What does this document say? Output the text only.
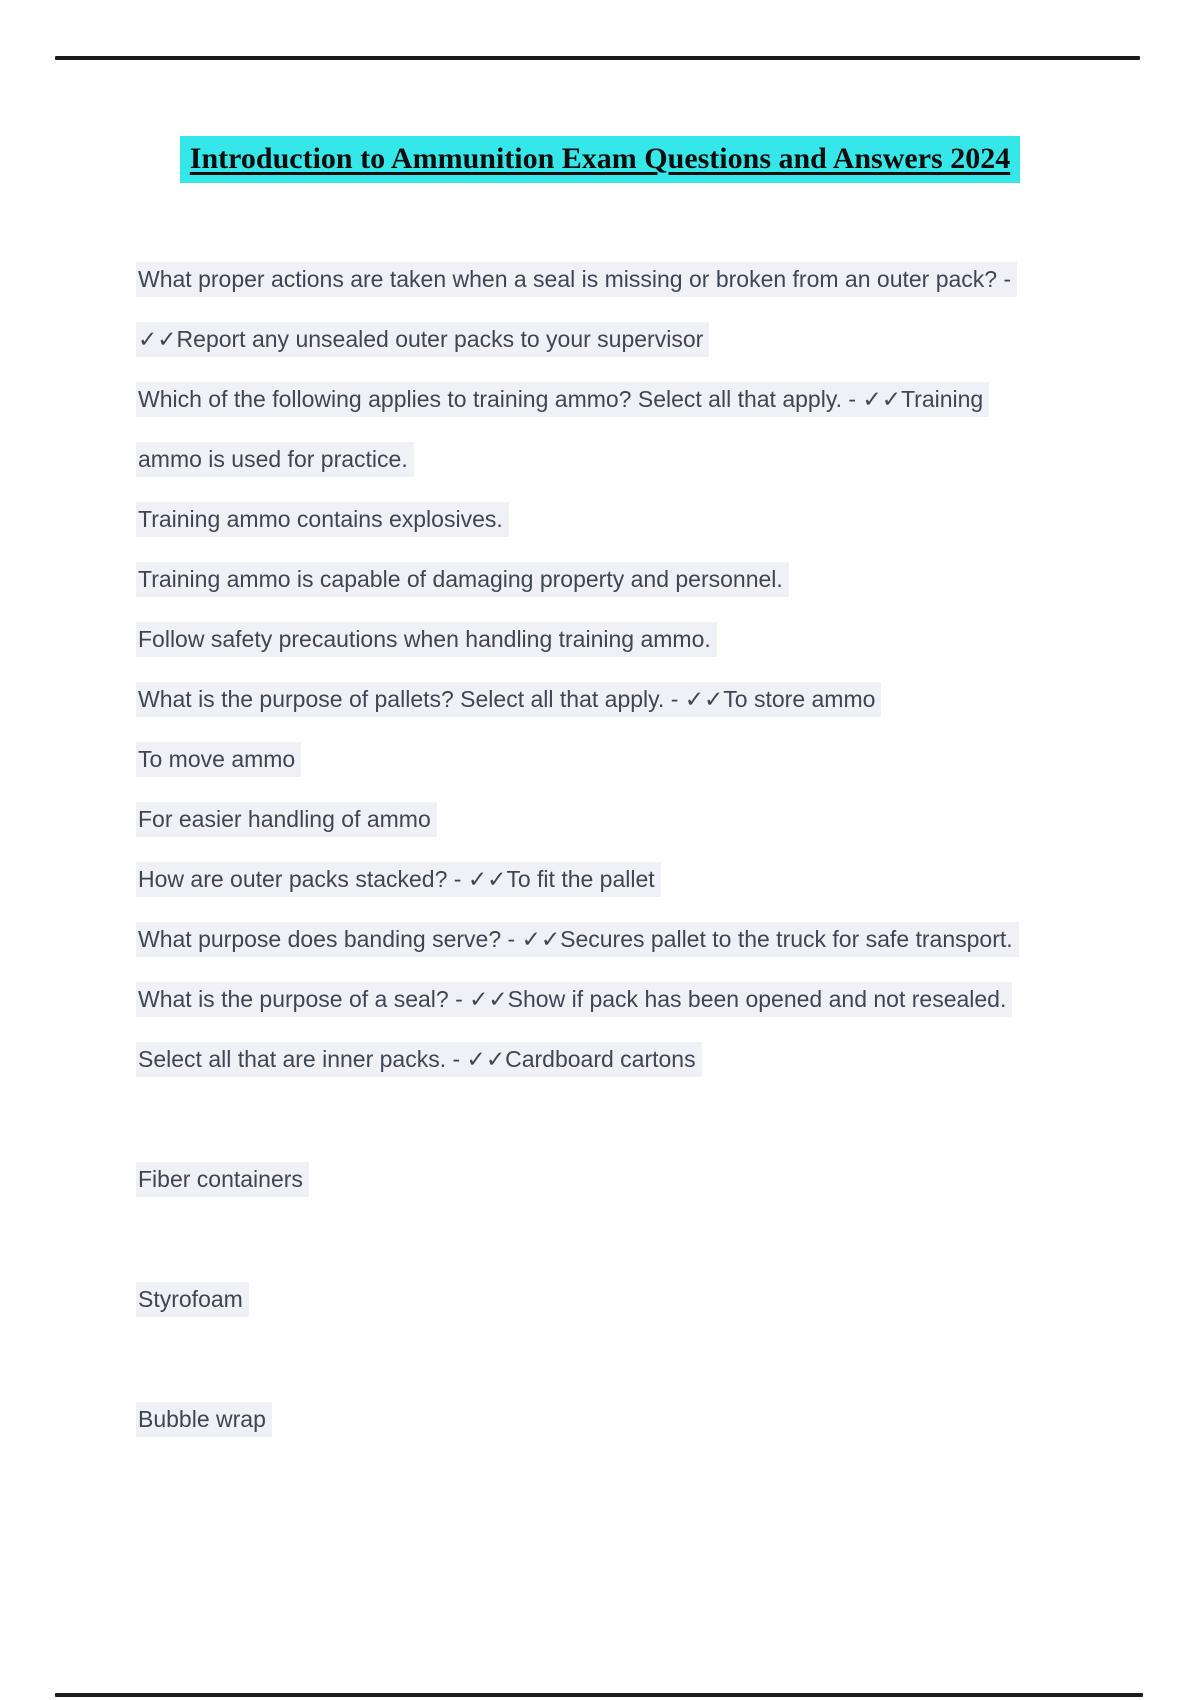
Introduction to Ammunition Exam Questions and Answers 2024
What proper actions are taken when a seal is missing or broken from an outer pack? -
✓✓Report any unsealed outer packs to your supervisor
Which of the following applies to training ammo? Select all that apply. - ✓✓Training
ammo is used for practice.
Training ammo contains explosives.
Training ammo is capable of damaging property and personnel.
Follow safety precautions when handling training ammo.
What is the purpose of pallets? Select all that apply. - ✓✓To store ammo
To move ammo
For easier handling of ammo
How are outer packs stacked? - ✓✓To fit the pallet
What purpose does banding serve? - ✓✓Secures pallet to the truck for safe transport.
What is the purpose of a seal? - ✓✓Show if pack has been opened and not resealed.
Select all that are inner packs. - ✓✓Cardboard cartons
Fiber containers
Styrofoam
Bubble wrap
